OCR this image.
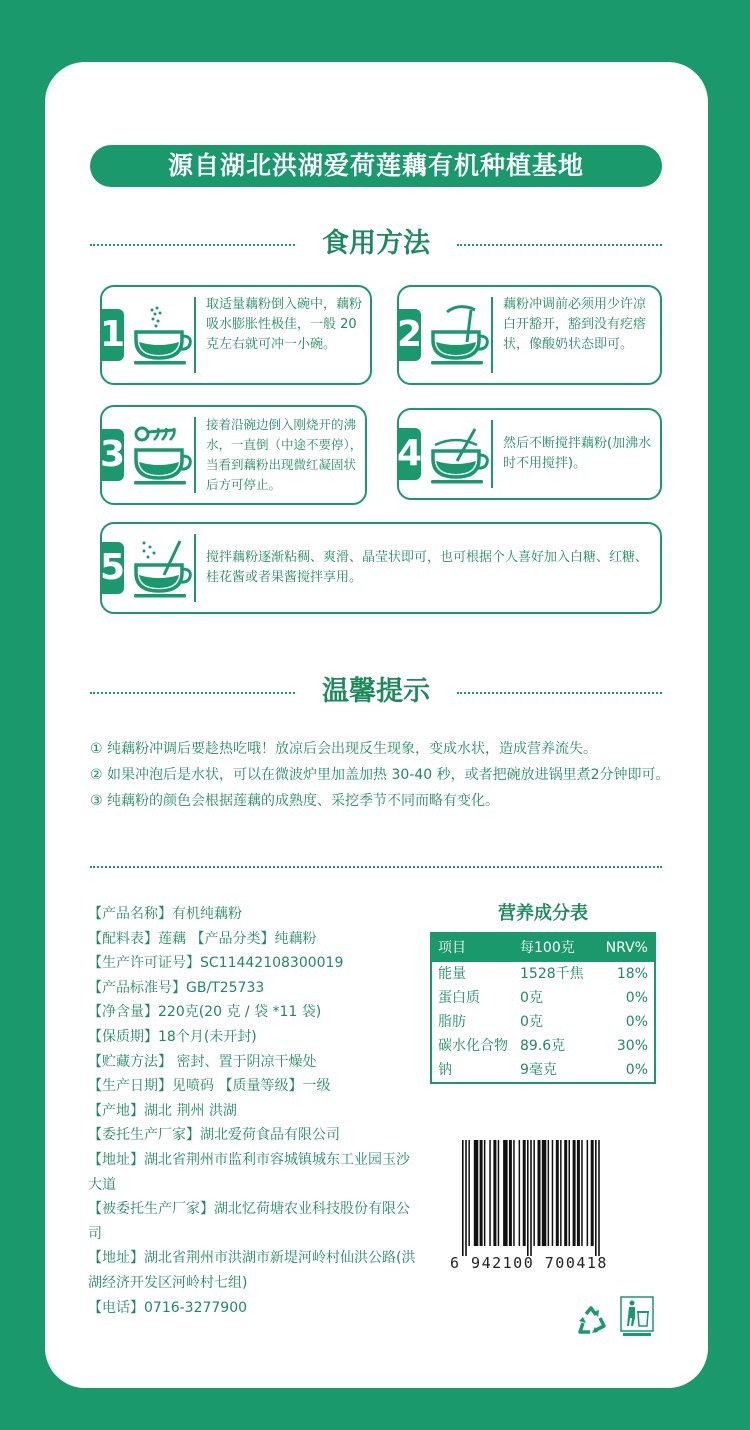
源自湖北洪湖爱荷莲藕有机种植基地
食用方法
1
取适量藕粉倒入碗中，藕粉吸水膨胀性极佳，一般 20 克左右就可冲一小碗。	2
藕粉冲调前必须用少许凉白开豁开，豁到没有疙瘩状，像酸奶状态即可。
3
接着沿碗边倒入刚烧开的沸水，一直倒（中途不要停），当看到藕粉出现微红凝固状后方可停止。
4	然后不断搅拌藕粉(加沸水时不用搅拌)。
5	搅拌藕粉逐渐粘稠、爽滑、晶莹状即可，也可根据个人喜好加入白糖、红糖、桂花酱或者果酱搅拌享用。
温馨提示
① 纯藕粉冲调后要趁热吃哦！放凉后会出现反生现象，变成水状，造成营养流失。
② 如果冲泡后是水状，可以在微波炉里加盖加热 30-40 秒，或者把碗放进锅里煮2分钟即可。
③ 纯藕粉的颜色会根据莲藕的成熟度、采挖季节不同而略有变化。
【产品名称】有机纯藕粉
【配料表】莲藕 【产品分类】纯藕粉
【生产许可证号】SC11442108300019
【产品标准号】GB/T25733
【净含量】220克(20 克 / 袋 *11 袋)
【保质期】18个月(未开封)
【贮藏方法】 密封、置于阴凉干燥处
【生产日期】见喷码 【质量等级】一级
【产地】湖北 荆州 洪湖
【委托生产厂家】湖北爱荷食品有限公司
【地址】湖北省荆州市监利市容城镇城东工业园玉沙大道
【被委托生产厂家】湖北忆荷塘农业科技股份有限公司
【地址】湖北省荆州市洪湖市新堤河岭村仙洪公路(洪湖经济开发区河岭村七组)
【电话】0716-3277900
营养成分表
项目	每100克	NRV%
能量	1528千焦	18%
蛋白质	0克	0%
脂肪	0克	0%
碳水化合物 89.6克	30%
钠	9毫克	0%
6 942100 700418
